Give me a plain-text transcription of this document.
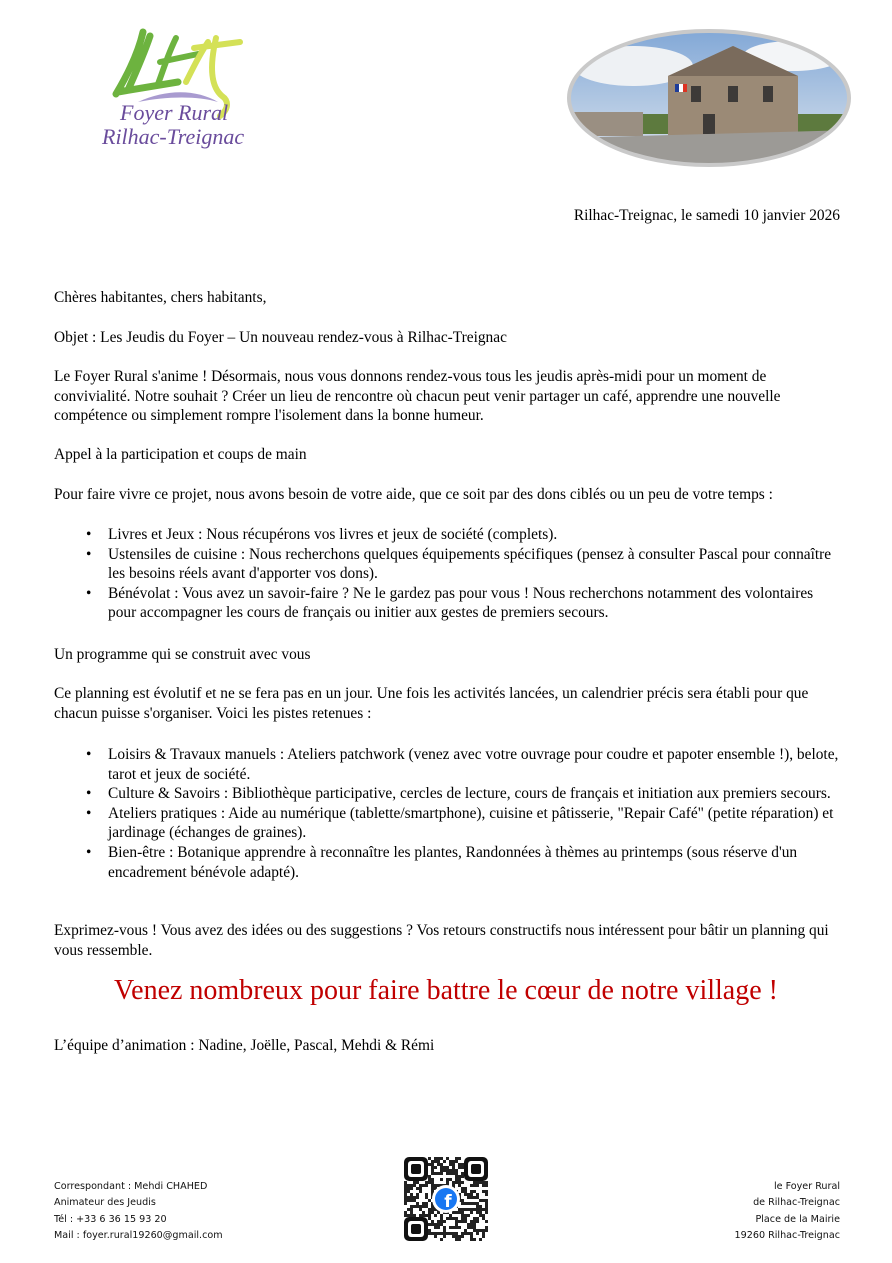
Foyer Rural
Rilhac-Treignac
Rilhac-Treignac, le samedi 10 janvier 2026
Chères habitantes, chers habitants,
Objet : Les Jeudis du Foyer – Un nouveau rendez-vous à Rilhac-Treignac
Le Foyer Rural s'anime ! Désormais, nous vous donnons rendez-vous tous les jeudis après-midi pour un moment de convivialité. Notre souhait ? Créer un lieu de rencontre où chacun peut venir partager un café, apprendre une nouvelle compétence ou simplement rompre l'isolement dans la bonne humeur.
Appel à la participation et coups de main
Pour faire vivre ce projet, nous avons besoin de votre aide, que ce soit par des dons ciblés ou un peu de votre temps :
• Livres et Jeux : Nous récupérons vos livres et jeux de société (complets).
• Ustensiles de cuisine : Nous recherchons quelques équipements spécifiques (pensez à consulter Pascal pour connaître les besoins réels avant d'apporter vos dons).
• Bénévolat : Vous avez un savoir-faire ? Ne le gardez pas pour vous ! Nous recherchons notamment des volontaires pour accompagner les cours de français ou initier aux gestes de premiers secours.
Un programme qui se construit avec vous
Ce planning est évolutif et ne se fera pas en un jour. Une fois les activités lancées, un calendrier précis sera établi pour que chacun puisse s'organiser. Voici les pistes retenues :
• Loisirs & Travaux manuels : Ateliers patchwork (venez avec votre ouvrage pour coudre et papoter ensemble !), belote, tarot et jeux de société.
• Culture & Savoirs : Bibliothèque participative, cercles de lecture, cours de français et initiation aux premiers secours.
• Ateliers pratiques : Aide au numérique (tablette/smartphone), cuisine et pâtisserie, "Repair Café" (petite réparation) et jardinage (échanges de graines).
• Bien-être : Botanique apprendre à reconnaître les plantes, Randonnées à thèmes au printemps (sous réserve d'un encadrement bénévole adapté).
Exprimez-vous ! Vous avez des idées ou des suggestions ? Vos retours constructifs nous intéressent pour bâtir un planning qui vous ressemble.
Venez nombreux pour faire battre le cœur de notre village !
L’équipe d’animation : Nadine, Joëlle, Pascal, Mehdi & Rémi
Correspondant : Mehdi CHAHED
Animateur des Jeudis
Tél : +33 6 36 15 93 20
Mail : foyer.rural19260@gmail.com
le Foyer Rural
de Rilhac-Treignac
Place de la Mairie
19260 Rilhac-Treignac
f
